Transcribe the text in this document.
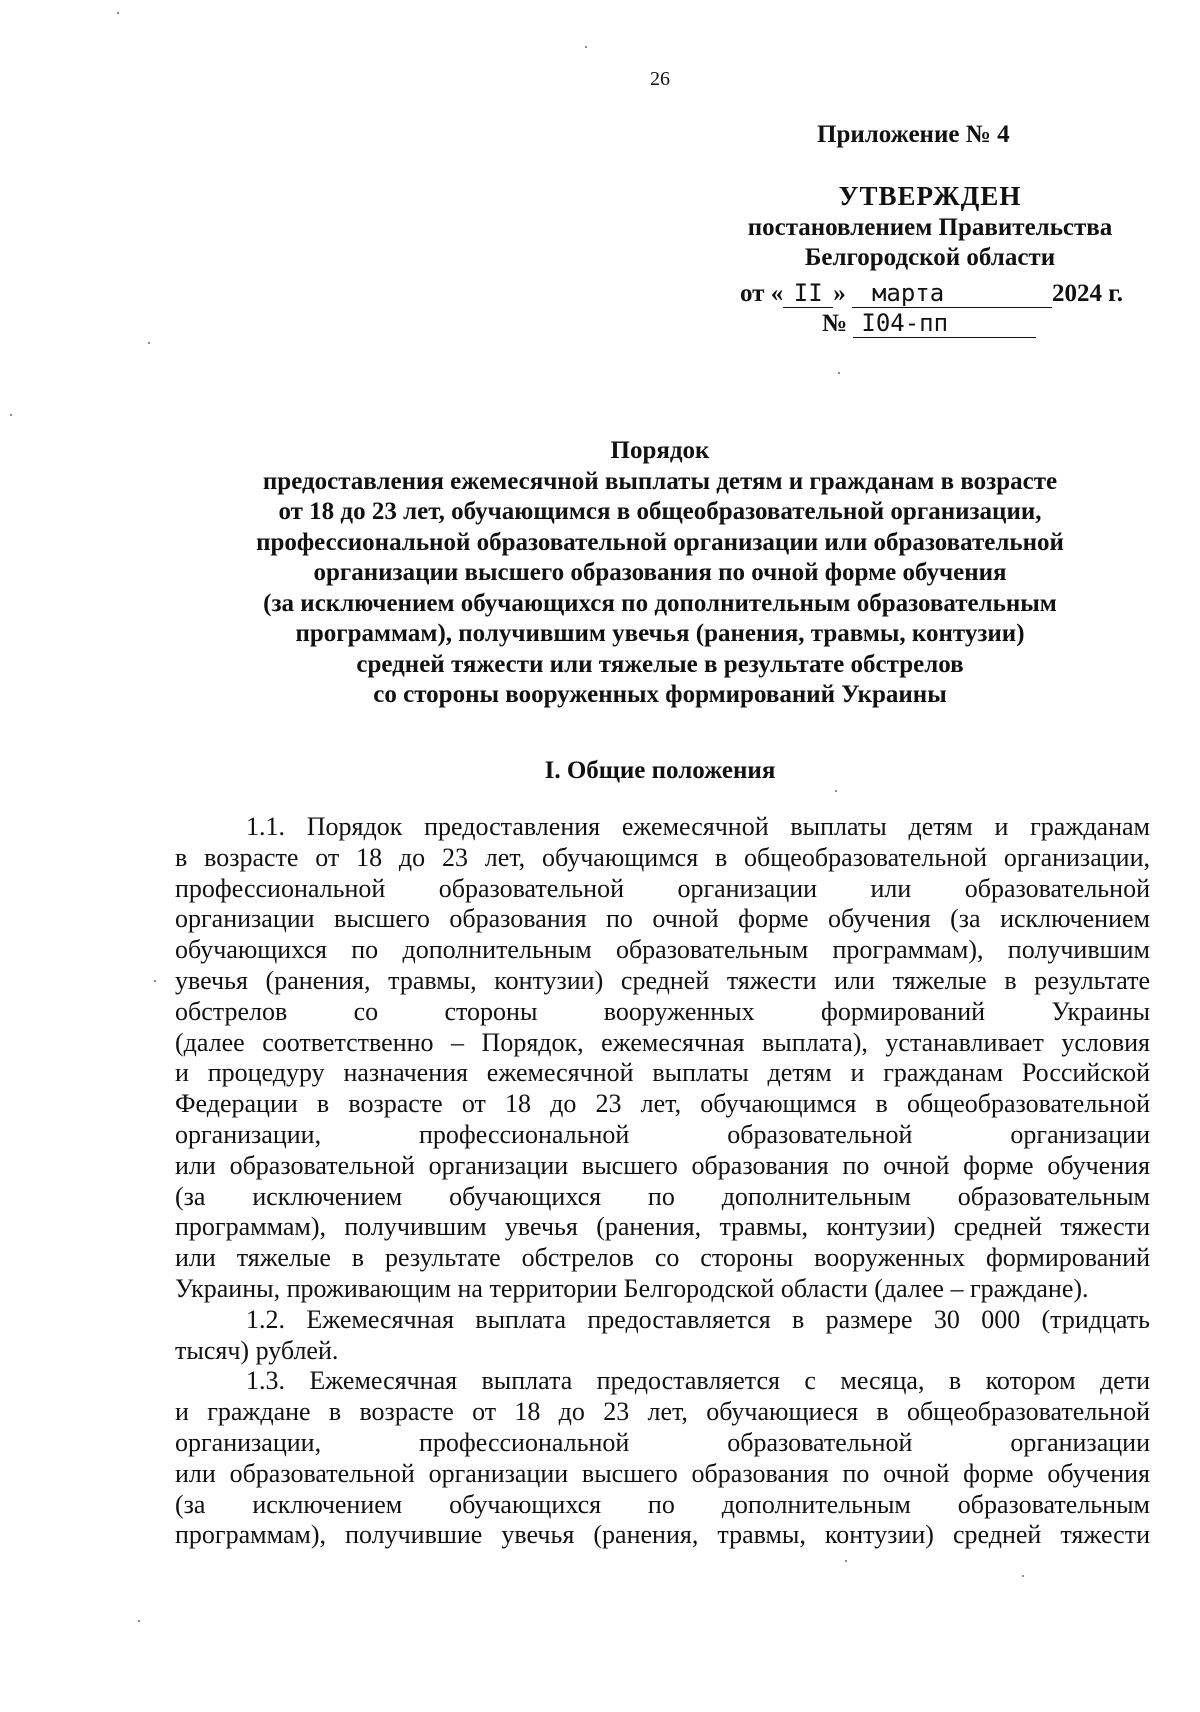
26
Приложение № 4
УТВЕРЖДЕН
постановлением Правительства
Белгородской области
от « II » марта	2024 г.
№ I04-пп
Порядок
предоставления ежемесячной выплаты детям и гражданам в возрасте
от 18 до 23 лет, обучающимся в общеобразовательной организации,
профессиональной образовательной организации или образовательной
организации высшего образования по очной форме обучения
(за исключением обучающихся по дополнительным образовательным
программам), получившим увечья (ранения, травмы, контузии)
средней тяжести или тяжелые в результате обстрелов
со стороны вооруженных формирований Украины
I. Общие положения
1.1. Порядок предоставления ежемесячной выплаты детям и гражданам
в возрасте от 18 до 23 лет, обучающимся в общеобразовательной организации,
профессиональной образовательной организации или образовательной
организации высшего образования по очной форме обучения (за исключением
обучающихся по дополнительным образовательным программам), получившим
увечья (ранения, травмы, контузии) средней тяжести или тяжелые в результате
обстрелов со стороны вооруженных формирований Украины
(далее соответственно – Порядок, ежемесячная выплата), устанавливает условия
и процедуру назначения ежемесячной выплаты детям и гражданам Российской
Федерации в возрасте от 18 до 23 лет, обучающимся в общеобразовательной
организации, профессиональной образовательной организации
или образовательной организации высшего образования по очной форме обучения
(за исключением обучающихся по дополнительным образовательным
программам), получившим увечья (ранения, травмы, контузии) средней тяжести
или тяжелые в результате обстрелов со стороны вооруженных формирований
Украины, проживающим на территории Белгородской области (далее – граждане).
1.2. Ежемесячная выплата предоставляется в размере 30 000 (тридцать
тысяч) рублей.
1.3. Ежемесячная выплата предоставляется с месяца, в котором дети
и граждане в возрасте от 18 до 23 лет, обучающиеся в общеобразовательной
организации, профессиональной образовательной организации
или образовательной организации высшего образования по очной форме обучения
(за исключением обучающихся по дополнительным образовательным
программам), получившие увечья (ранения, травмы, контузии) средней тяжести
